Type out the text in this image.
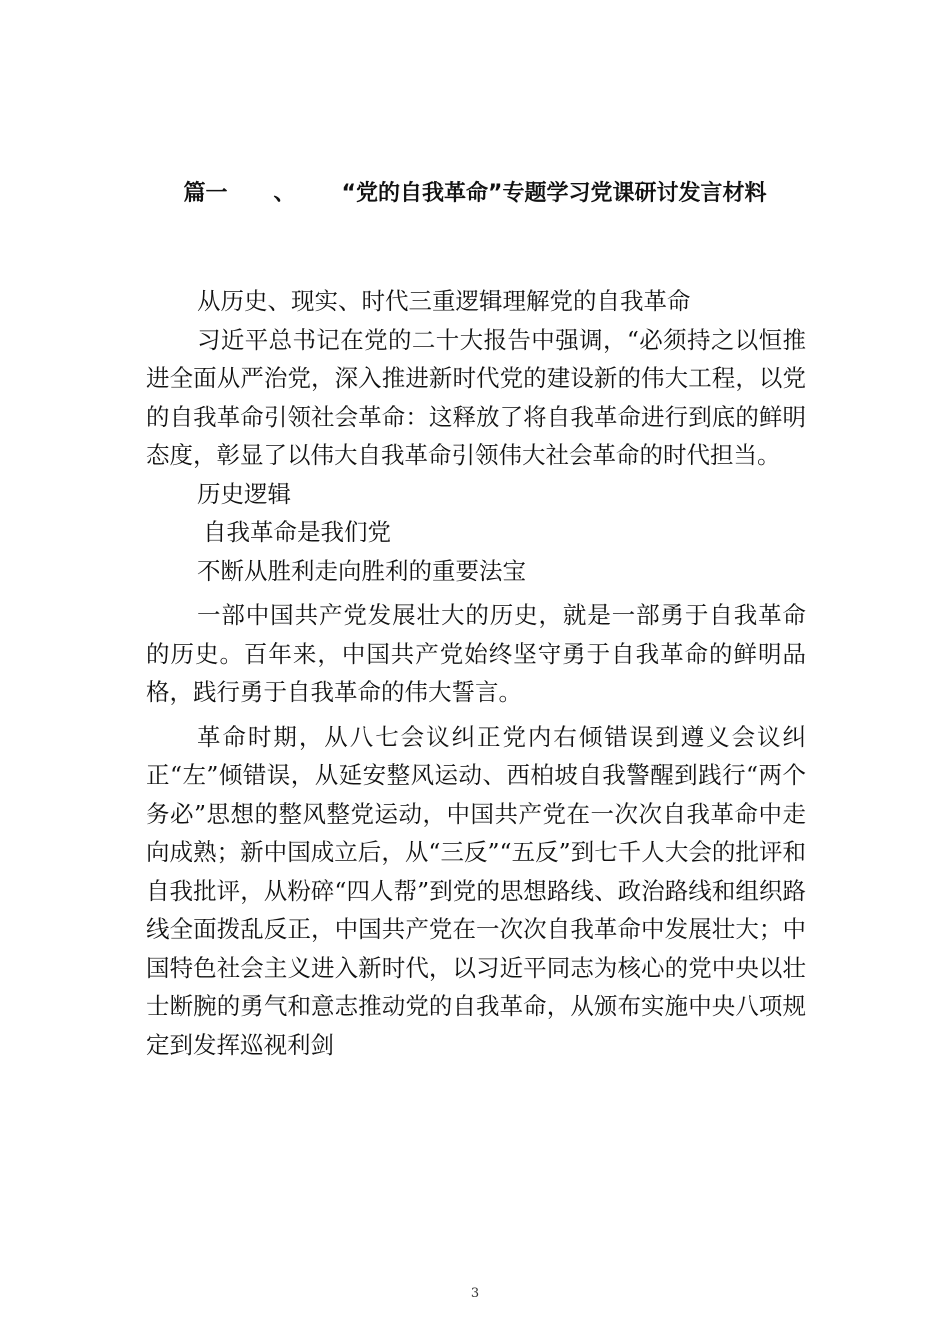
篇一 、 “党的自我革命”专题学习党课研讨发言材料

从历史、现实、时代三重逻辑理解党的自我革命

习近平总书记在党的二十大报告中强调，“必须持之以恒推进全面从严治党，深入推进新时代党的建设新的伟大工程，以党的自我革命引领社会革命：这释放了将自我革命进行到底的鲜明态度，彰显了以伟大自我革命引领伟大社会革命的时代担当。

历史逻辑

自我革命是我们党

不断从胜利走向胜利的重要法宝

一部中国共产党发展壮大的历史，就是一部勇于自我革命的历史。百年来，中国共产党始终坚守勇于自我革命的鲜明品格，践行勇于自我革命的伟大誓言。

革命时期，从八七会议纠正党内右倾错误到遵义会议纠正“左”倾错误，从延安整风运动、西柏坡自我警醒到践行“两个务必”思想的整风整党运动，中国共产党在一次次自我革命中走向成熟；新中国成立后，从“三反”“五反”到七千人大会的批评和自我批评，从粉碎“四人帮”到党的思想路线、政治路线和组织路线全面拨乱反正，中国共产党在一次次自我革命中发展壮大；中国特色社会主义进入新时代，以习近平同志为核心的党中央以壮士断腕的勇气和意志推动党的自我革命，从颁布实施中央八项规定到发挥巡视利剑

3
